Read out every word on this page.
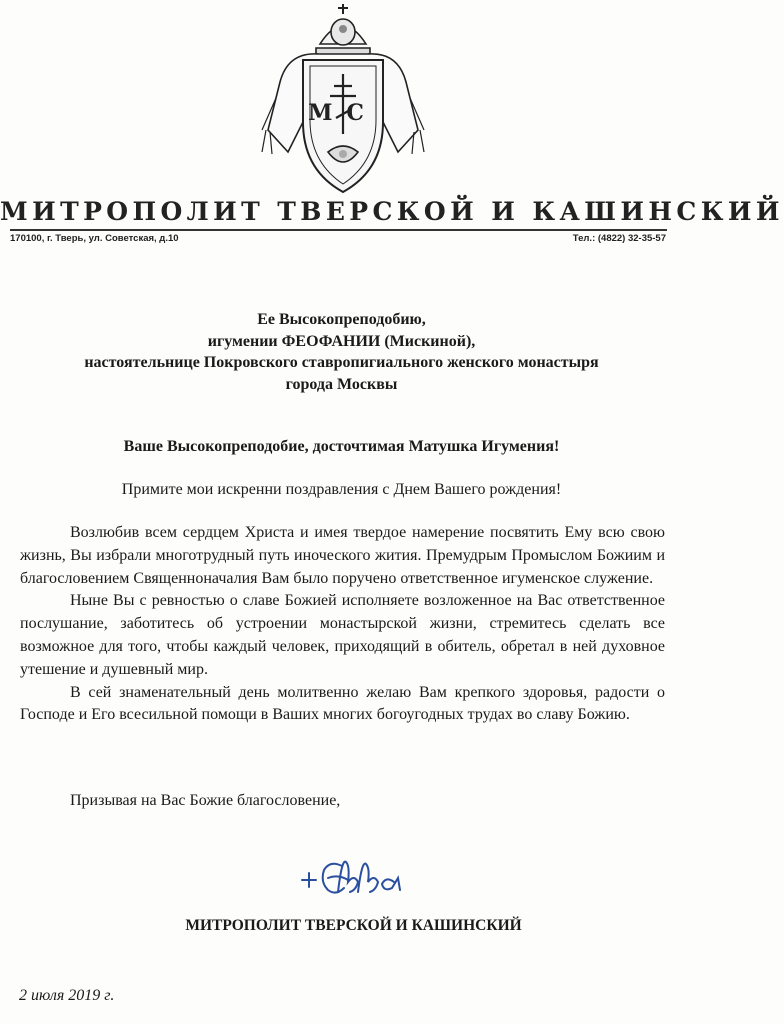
МС
МИТРОПОЛИТ ТВЕРСКОЙ И КАШИНСКИЙ
170100, г. Тверь, ул. Советская, д.10	Тел.: (4822) 32-35-57
Ее Высокопреподобию,
игумении ФЕОФАНИИ (Мискиной),
настоятельнице Покровского ставропигиального женского монастыря
города Москвы
Ваше Высокопреподобие, досточтимая Матушка Игумения!
Примите мои искренни поздравления с Днем Вашего рождения!

Возлюбив всем сердцем Христа и имея твердое намерение посвятить Ему всю свою жизнь, Вы избрали многотрудный путь иноческого жития. Премудрым Промыслом Божиим и благословением Священноначалия Вам было поручено ответственное игуменское служение.

Ныне Вы с ревностью о славе Божией исполняете возложенное на Вас ответственное послушание, заботитесь об устроении монастырской жизни, стремитесь сделать все возможное для того, чтобы каждый человек, приходящий в обитель, обретал в ней духовное утешение и душевный мир.

В сей знаменательный день молитвенно желаю Вам крепкого здоровья, радости о Господе и Его всесильной помощи в Ваших многих богоугодных трудах во славу Божию.

Призывая на Вас Божие благословение,
МИТРОПОЛИТ ТВЕРСКОЙ И КАШИНСКИЙ
2 июля 2019 г.
